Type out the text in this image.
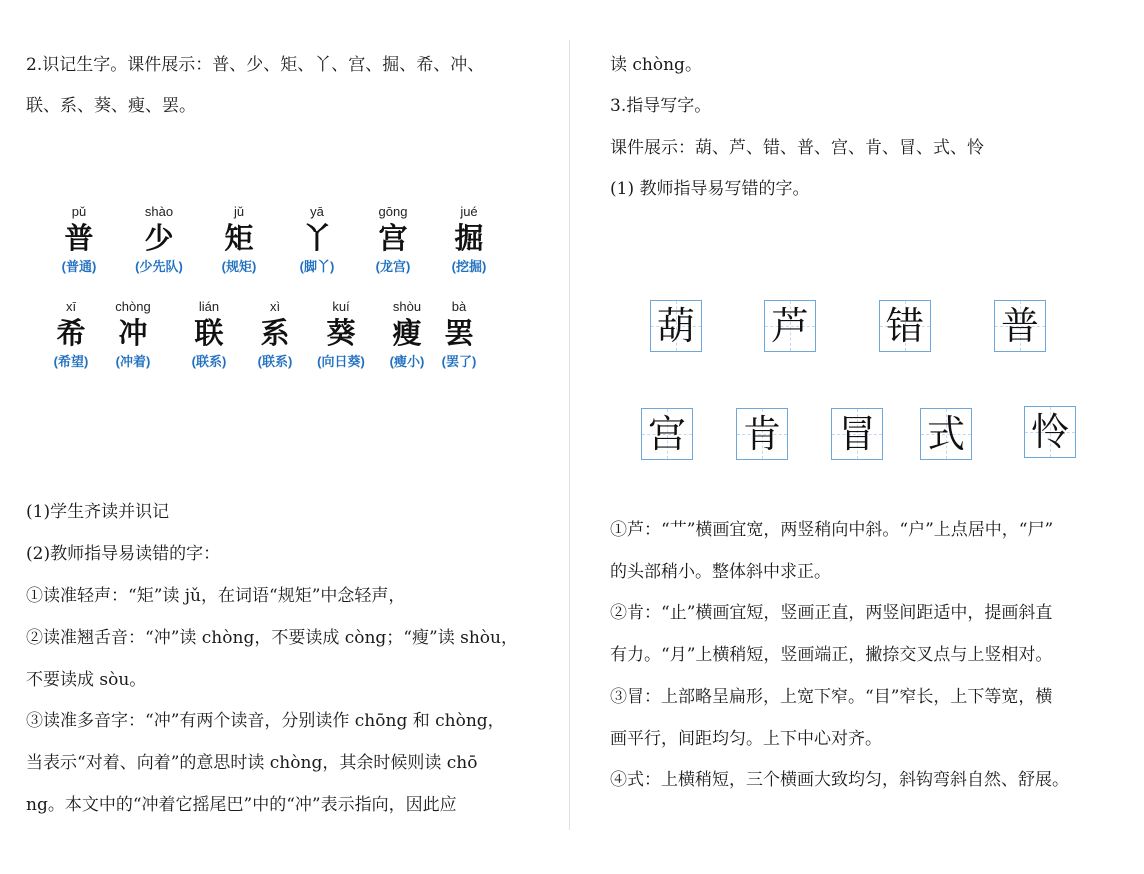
2.识记生字。课件展示：普、少、矩、丫、宫、掘、希、冲、
联、系、葵、瘦、罢。
pǔ
普
(普通)
shào
少
(少先队)
jǔ
矩
(规矩)
yā
丫
(脚丫)
gōng
宫
(龙宫)
jué
掘
(挖掘)
xī
希
(希望)
chòng
冲
(冲着)
lián
联
(联系)
xì
系
(联系)
kuí
葵
(向日葵)
shòu
瘦
(瘦小)
bà
罢
(罢了)
(1)学生齐读并识记
(2)教师指导易读错的字：
①读准轻声：“矩”读 jǔ，在词语“规矩”中念轻声，
②读准翘舌音：“冲”读 chòng，不要读成 còng；“瘦”读 shòu，
不要读成 sòu。
③读准多音字：“冲”有两个读音，分别读作 chōng 和 chòng，
当表示“对着、向着”的意思时读 chòng，其余时候则读 chō
ng。本文中的“冲着它摇尾巴”中的“冲”表示指向，因此应
读 chòng。
3.指导写字。
课件展示：葫、芦、错、普、宫、肯、冒、式、怜
(1) 教师指导易写错的字。
葫 芦 错 普
宫 肯 冒 式 怜
①芦：“艹”横画宜宽，两竖稍向中斜。“户”上点居中，“尸”
的头部稍小。整体斜中求正。
②肯：“止”横画宜短，竖画正直，两竖间距适中，提画斜直
有力。“月”上横稍短，竖画端正，撇捺交叉点与上竖相对。
③冒：上部略呈扁形，上宽下窄。“目”窄长，上下等宽，横
画平行，间距均匀。上下中心对齐。
④式：上横稍短，三个横画大致均匀，斜钩弯斜自然、舒展。
